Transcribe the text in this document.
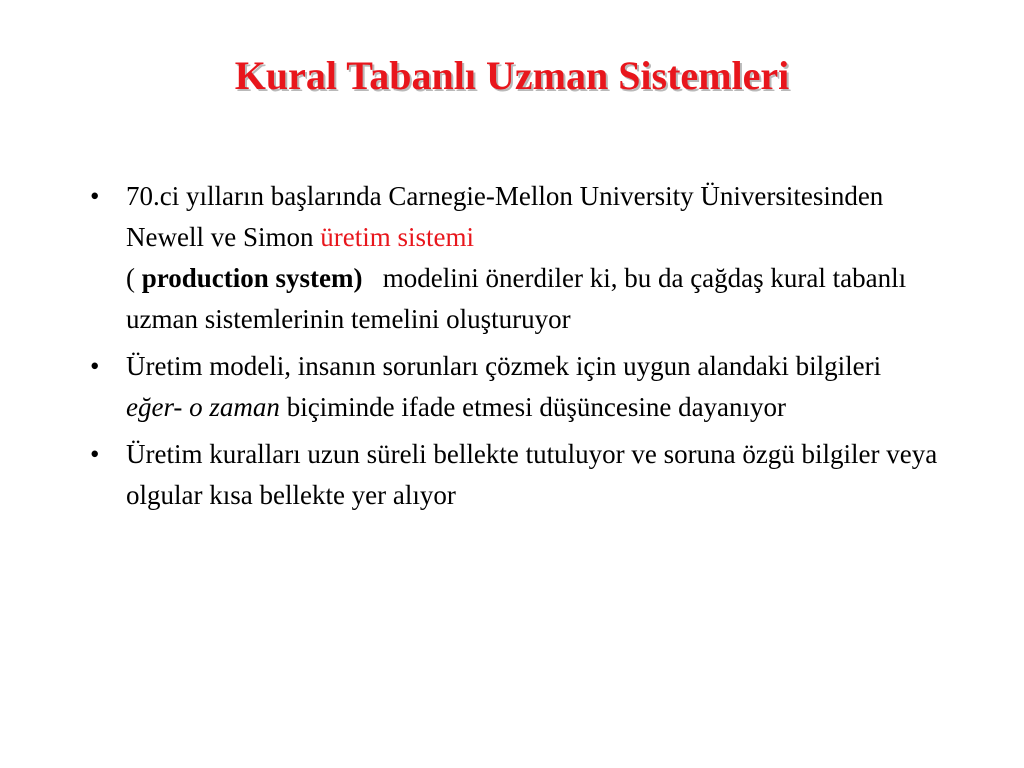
Kural Tabanlı Uzman Sistemleri
• 70.ci yılların başlarında Carnegie-Mellon University Üniversitesinden Newell ve Simon üretim sistemi
( production system)   modelini önerdiler ki, bu da çağdaş kural tabanlı uzman sistemlerinin temelini oluşturuyor
• Üretim modeli, insanın sorunları çözmek için uygun alandaki bilgileri eğer- o zaman biçiminde ifade etmesi düşüncesine dayanıyor
• Üretim kuralları uzun süreli bellekte tutuluyor ve soruna özgü bilgiler veya olgular kısa bellekte yer alıyor
